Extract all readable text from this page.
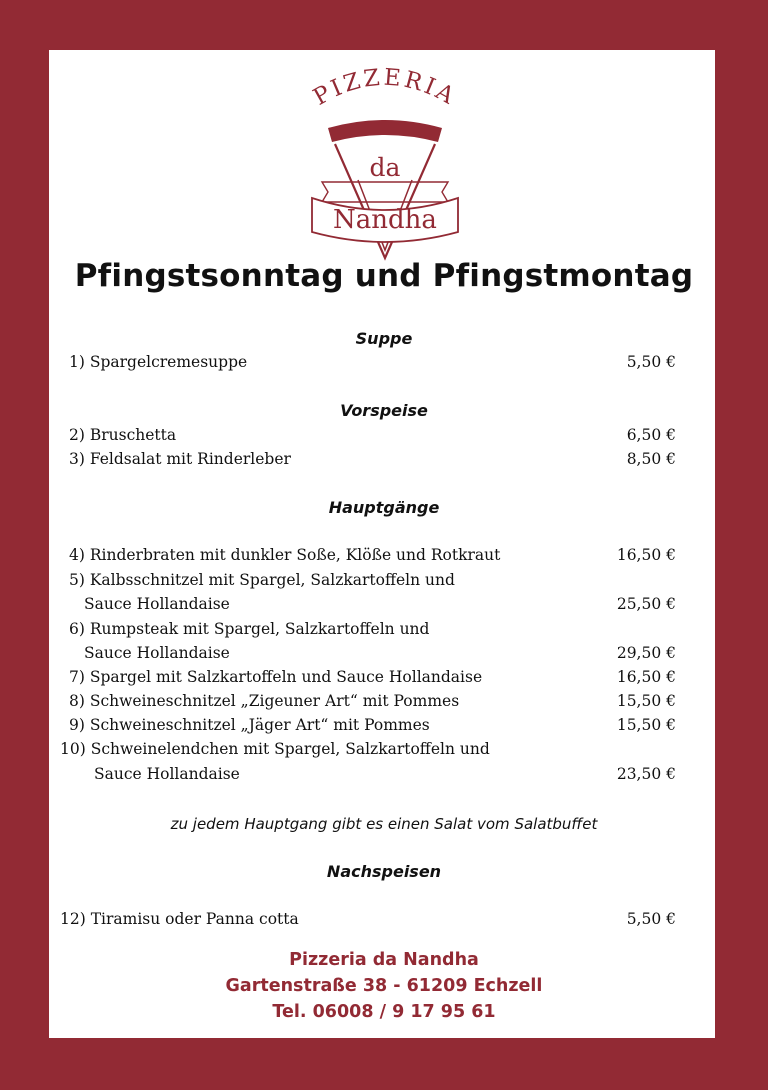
PIZZERIA
da
Nandha
Pfingstsonntag und Pfingstmontag
Suppe
1) Spargelcremesuppe	5,50 €
Vorspeise
2) Bruschetta	6,50 €
3) Feldsalat mit Rinderleber	8,50 €
Hauptgänge
4) Rinderbraten mit dunkler Soße, Klöße und Rotkraut	16,50 €
5) Kalbsschnitzel mit Spargel, Salzkartoffeln und
Sauce Hollandaise	25,50 €
6) Rumpsteak mit Spargel, Salzkartoffeln und
Sauce Hollandaise	29,50 €
7) Spargel mit Salzkartoffeln und Sauce Hollandaise	16,50 €
8) Schweineschnitzel „Zigeuner Art“ mit Pommes	15,50 €
9) Schweineschnitzel „Jäger Art“ mit Pommes	15,50 €
10) Schweinelendchen mit Spargel, Salzkartoffeln und
Sauce Hollandaise	23,50 €
zu jedem Hauptgang gibt es einen Salat vom Salatbuffet
Nachspeisen
12) Tiramisu oder Panna cotta	5,50 €
Pizzeria da Nandha
Gartenstraße 38 - 61209 Echzell
Tel. 06008 / 9 17 95 61
